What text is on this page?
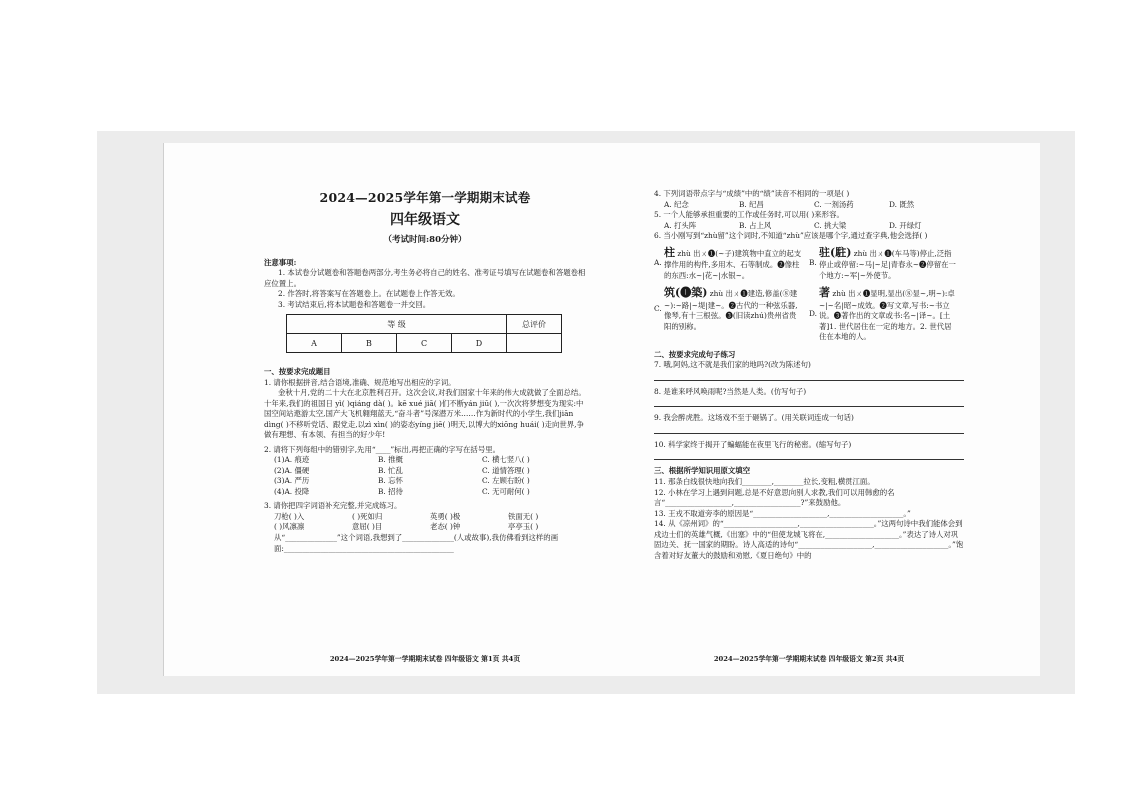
2024—2025学年第一学期期末试卷
四年级语文
（考试时间:80分钟）

注意事项:

1. 本试卷分试题卷和答题卷两部分,考生务必将自己的姓名、准考证号填写在试题卷和答题卷相应位置上。

2. 作答时,将答案写在答题卷上。在试题卷上作答无效。

3. 考试结束后,将本试题卷和答题卷一并交回。

等 级				总评价
A	B	C	D	

一、按要求完成题目

1. 请你根据拼音,结合语境,准确、规范地写出相应的字词。

金秋十月,党的二十大在北京胜利召开。这次会议,对我们国家十年来的伟大成就做了全面总结。十年来,我们的祖国日 yì( )qiáng dà( )。kē xué jiā( )们不断yán jiū( ),一次次将梦想变为现实:中国空间站遨游太空,国产大飞机翱翔蓝天,“奋斗者”号深潜万米……作为新时代的小学生,我们jiān dìng( )不移听党话、跟党走,以zì xìn( )的姿态yíng jiē( )明天,以博大的xiōng huái( )走向世界,争做有理想、有本领、有担当的好少年!

2. 请将下列每组中的错别字,先用“____”标出,再把正确的字写在括号里。

(1)A. 痕迹	B. 推概	C. 横七竖八( )
(2)A. 僵硬	B. 忙乱	C. 道情答理( )
(3)A. 严历	B. 忘怀	C. 左顾右盼( )
(4)A. 投降	B. 招待	C. 无可耐何( )

3. 请你把四字词语补充完整,并完成练习。

刀枪( )入	( )死如归	英勇( )极	铁面无( )
( )风凛凛	意屈( )目	老态( )钟	亭亭玉( )

从“______________”这个词语,我想到了______________(人或故事),我仿佛看到这样的画面:______________________________________________

2024—2025学年第一学期期末试卷 四年级语文 第1页 共4页

4. 下列词语带点字与“成绩”中的“绩”读音不相同的一项是( )

A. 纪念	B. 纪昌	C. 一剂汤药	D. 既然

5. 一个人能够承担重要的工作或任务时,可以用( )来形容。

A. 打头阵	B. 占上风	C. 挑大梁	D. 开绿灯

6. 当小刚写到“zhù留”这个词时,不知道“zhù”应该是哪个字,通过查字典,他会选择( )

A.
柱 zhù 出ㄨ❶(~子)建筑物中直立的起支撑作用的构件,多用木、石等制成。❷像柱的东西:水~|花~|水银~。
C.
筑(❶築) zhù 出ㄨ❶建造,修盖(⑧建~):~路|~堤|建~。❷古代的一种弦乐器,像琴,有十三根弦。❸(旧读zhú)贵州省贵阳的别称。
B.
驻(駐) zhù 出ㄨ❶(车马等)停止,泛指停止或停留:~马|~足|青春永~❷停留在一个地方:~军|~外使节。
D.
著 zhù 出ㄨ❶显明,显出(⑧显~,明~):卓~|~名|昭~成效。❷写文章,写书:~书立说。❸著作出的文章或书:名~|译~。[土著]1. 世代居住在一定的地方。2. 世代居住在本地的人。

二、按要求完成句子练习

7. 哦,阿妈,这不就是我们家的地吗?(改为陈述句)

8. 是谁来呼风唤雨呢?当然是人类。(仿写句子)

9. 我会醉虎胜。这场戏不至于砸锅了。(用关联词连成一句话)

10. 科学家终于揭开了蝙蝠能在夜里飞行的秘密。(缩写句子)

三、根据所学知识用原文填空

11. 那条白线很快地向我们________,________拉长,变粗,横贯江面。

12. 小林在学习上遇到问题,总是不好意思向别人求教,我们可以用韩愈的名言“__________________,__________________?”来鼓励他。

13. 王戎不取道旁李的原因是“____________________,____________________。”

14. 从《凉州词》的“____________________,____________________。”这两句诗中我们能体会到戍边士们的英雄气概,《出塞》中的“但使龙城飞将在,____________________。”表达了诗人对巩固边关、抚一国家的期盼。诗人高适的诗句“____________________,____________________。”饱含着对好友董大的鼓励和劝慰,《夏日绝句》中的

2024—2025学年第一学期期末试卷 四年级语文 第2页 共4页
